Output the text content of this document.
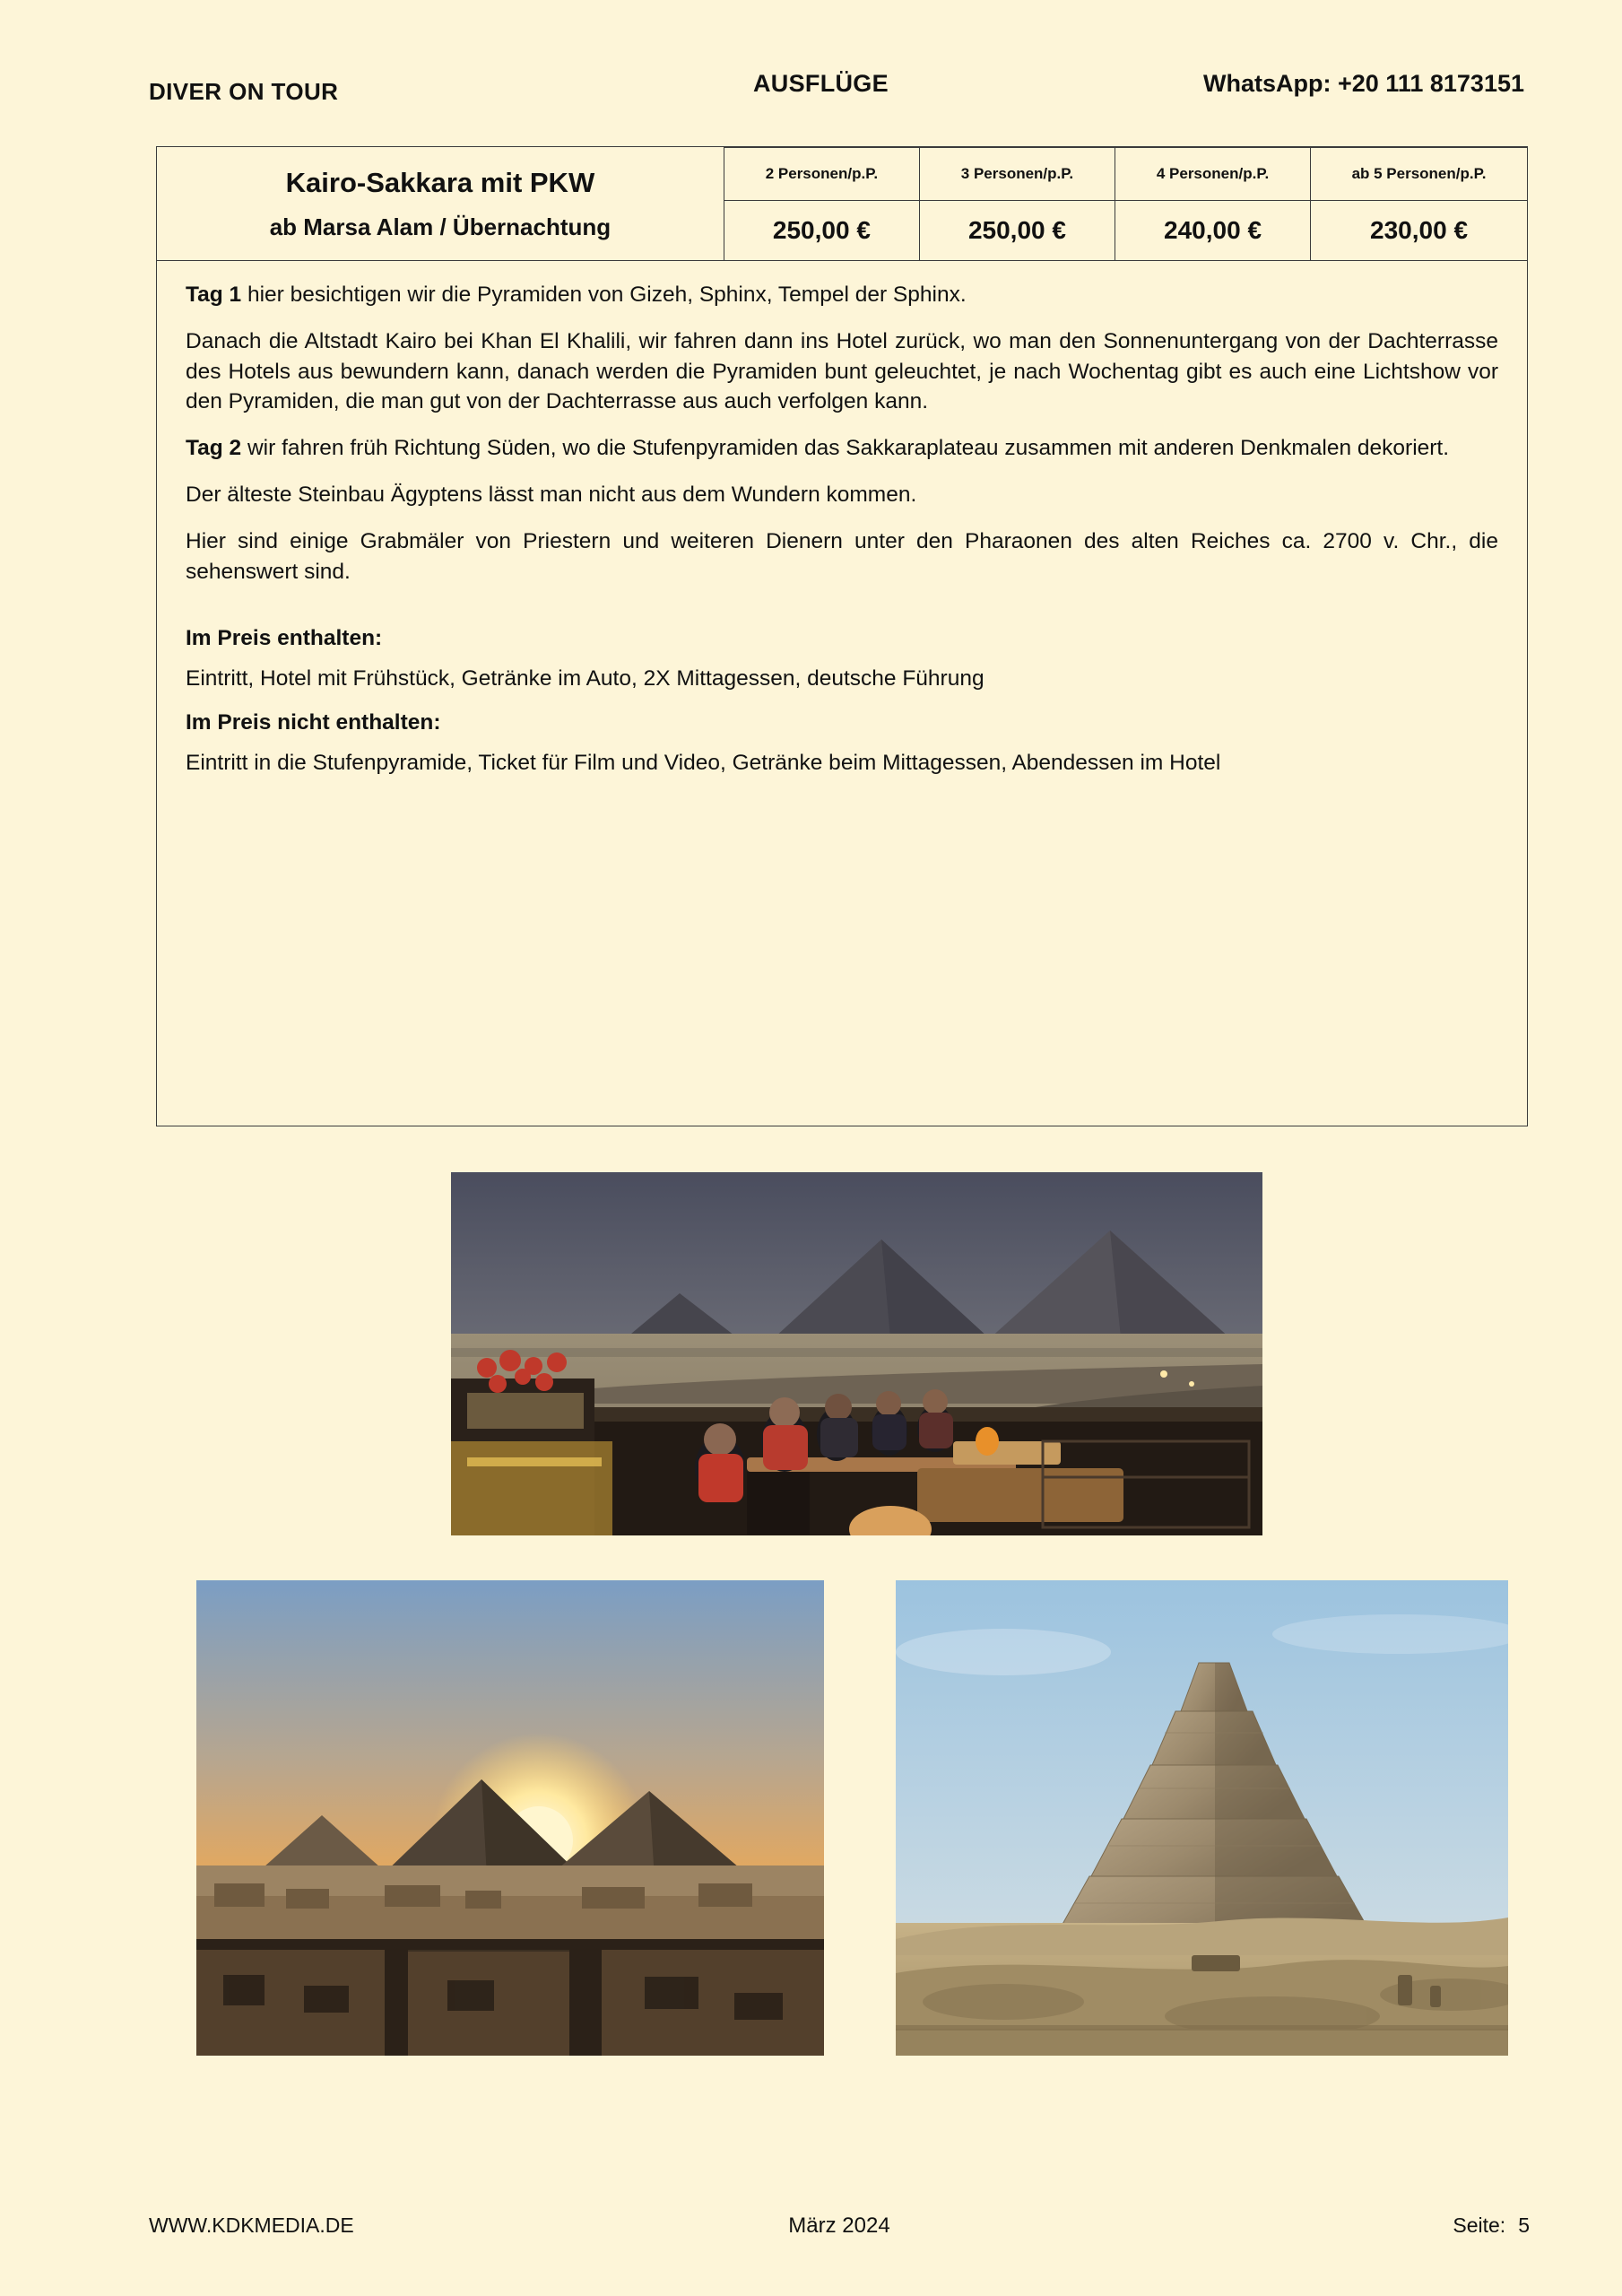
DIVER ON TOUR	AUSFLÜGE	WhatsApp: +20 111 8173151
Kairo-Sakkara mit PKW
ab Marsa Alam / Übernachtung	2 Personen/p.P.	3 Personen/p.P.	4 Personen/p.P.	ab 5 Personen/p.P.
	250,00 €	250,00 €	240,00 €	230,00 €

Tag 1 hier besichtigen wir die Pyramiden von Gizeh, Sphinx, Tempel der Sphinx.

Danach die Altstadt Kairo bei Khan El Khalili, wir fahren dann ins Hotel zurück, wo man den Sonnenuntergang von der Dachterrasse des Hotels aus bewundern kann, danach werden die Pyramiden bunt geleuchtet, je nach Wochentag gibt es auch eine Lichtshow vor den Pyramiden, die man gut von der Dachterrasse aus auch verfolgen kann.

Tag 2 wir fahren früh Richtung Süden, wo die Stufenpyramiden das Sakkaraplateau zusammen mit anderen Denkmalen dekoriert.

Der älteste Steinbau Ägyptens lässt man nicht aus dem Wundern kommen.

Hier sind einige Grabmäler von Priestern und weiteren Dienern unter den Pharaonen des alten Reiches ca. 2700 v. Chr., die sehenswert sind.

Im Preis enthalten:

Eintritt, Hotel mit Frühstück, Getränke im Auto, 2X Mittagessen, deutsche Führung

Im Preis nicht enthalten:

Eintritt in die Stufenpyramide, Ticket für Film und Video, Getränke beim Mittagessen, Abendessen im Hotel

WWW.KDKMEDIA.DE	März 2024	Seite: 5
